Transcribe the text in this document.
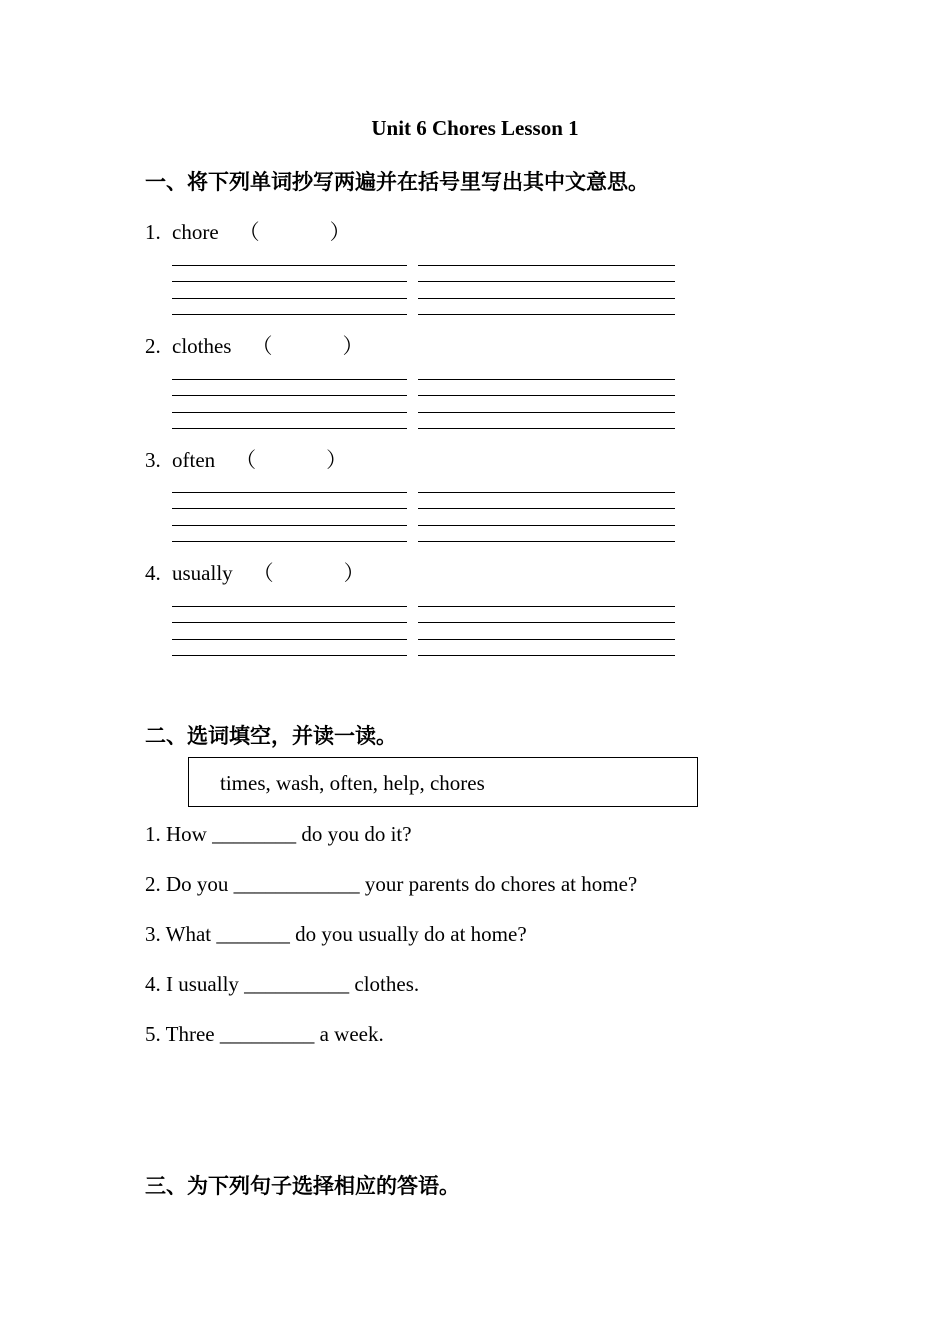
Unit 6 Chores Lesson 1
一、将下列单词抄写两遍并在括号里写出其中文意思。
1. chore （	）
2. clothes （	）
3. often （	）
4. usually （	）
二、选词填空，并读一读。
times, wash, often, help, chores
1. How ________ do you do it?
2. Do you ____________ your parents do chores at home?
3. What _______ do you usually do at home?
4. I usually __________ clothes.
5. Three _________ a week.
三、为下列句子选择相应的答语。
